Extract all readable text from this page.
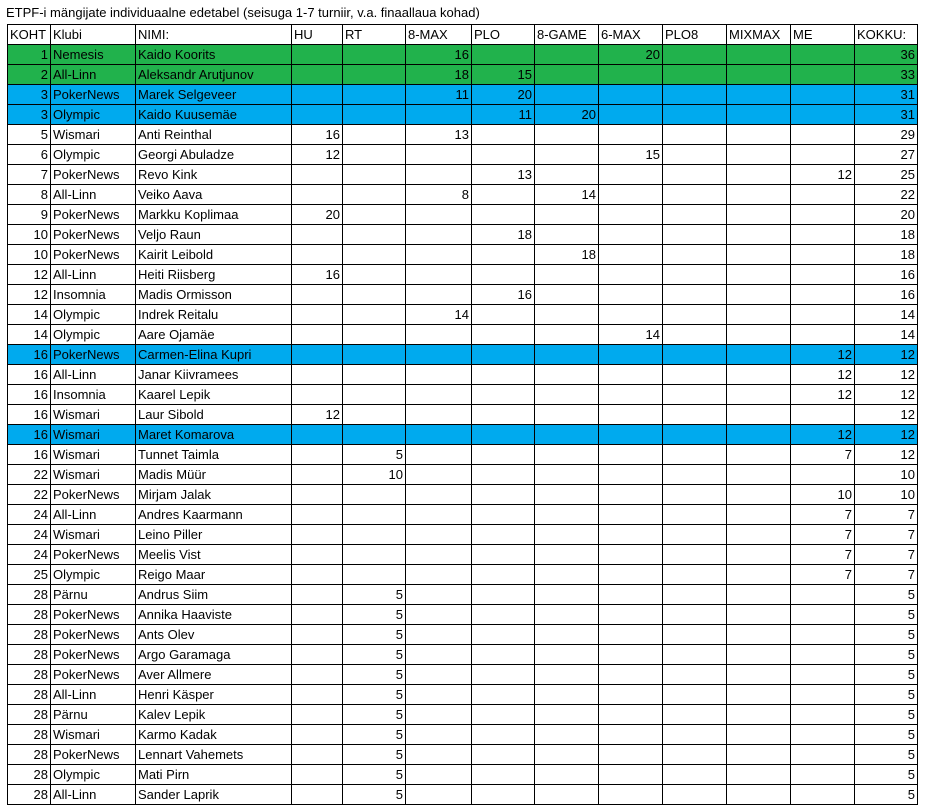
ETPF-i mängijate individuaalne edetabel (seisuga 1-7 turniir, v.a. finaallaua kohad)
KOHT	Klubi	NIMI:	HU	RT	8-MAX	PLO	8-GAME	6-MAX	PLO8	MIXMAX	ME	KOKKU:
1	Nemesis	Kaido Koorits			16			20				36
2	All-Linn	Aleksandr Arutjunov			18	15						33
3	PokerNews	Marek Selgeveer			11	20						31
3	Olympic	Kaido Kuusemäe				11	20					31
5	Wismari	Anti Reinthal	16		13							29
6	Olympic	Georgi Abuladze	12					15				27
7	PokerNews	Revo Kink				13					12	25
8	All-Linn	Veiko Aava			8		14					22
9	PokerNews	Markku Koplimaa	20									20
10	PokerNews	Veljo Raun				18						18
10	PokerNews	Kairit Leibold					18					18
12	All-Linn	Heiti Riisberg	16									16
12	Insomnia	Madis Ormisson				16						16
14	Olympic	Indrek Reitalu			14							14
14	Olympic	Aare Ojamäe						14				14
16	PokerNews	Carmen-Elina Kupri									12	12
16	All-Linn	Janar Kiivramees									12	12
16	Insomnia	Kaarel Lepik									12	12
16	Wismari	Laur Sibold	12									12
16	Wismari	Maret Komarova									12	12
16	Wismari	Tunnet Taimla		5							7	12
22	Wismari	Madis Müür		10								10
22	PokerNews	Mirjam Jalak									10	10
24	All-Linn	Andres Kaarmann									7	7
24	Wismari	Leino Piller									7	7
24	PokerNews	Meelis Vist									7	7
25	Olympic	Reigo Maar									7	7
28	Pärnu	Andrus Siim		5								5
28	PokerNews	Annika Haaviste		5								5
28	PokerNews	Ants Olev		5								5
28	PokerNews	Argo Garamaga		5								5
28	PokerNews	Aver Allmere		5								5
28	All-Linn	Henri Käsper		5								5
28	Pärnu	Kalev Lepik		5								5
28	Wismari	Karmo Kadak		5								5
28	PokerNews	Lennart Vahemets		5								5
28	Olympic	Mati Pirn		5								5
28	All-Linn	Sander Laprik		5								5
